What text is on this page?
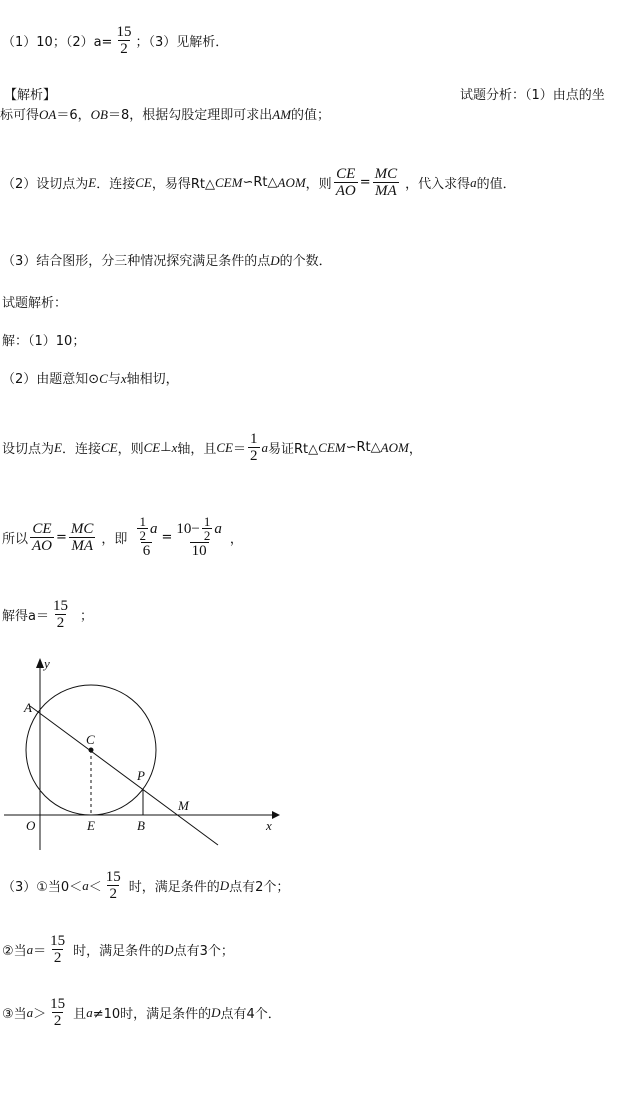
（1）10；$(2)a= \frac{15}{2}$ ；（3）见解析．
【解析】	试题分析：（1）由点的坐
标可得OA＝6，OB＝8，根据勾股定理即可求出AM的值；
（2）设切点为 E ．连接 CE ，易得Rt△ CEM ∽Rt△ AOM ，则 $\frac{CE}{AO} = \frac{MC}{MA}$ ，代入求得 a 的值．
（3）结合图形，分三种情况探究满足条件的点D的个数．
试题解析：
解：（1）10；
（2）由题意知⊙C与x轴相切，
设切点为 E ．连接 CE ，则 CE ⊥ x 轴，且 CE ＝ $\frac{1}{2}$ a 易证Rt△ CEM ∽Rt△ AOM ，
所以 $\frac{CE}{AO} = \frac{MC}{MA}$ ，即 $\frac{\frac{1}{2} a}{6} = \frac{10- \frac{1}{2} a}{10}$ ，
解得$a= \frac{15}{2}$ ；
y
x
A
C
P
M
O	E	B
（3）①当$0< a < \frac{15}{2}$ 时，满足条件的 D 点有2个；
②当 $a = \frac{15}{2}$ 时，满足条件的 D 点有3个；
③当 $a > \frac{15}{2}$ 且 a ≠10时，满足条件的 D 点有4个．
